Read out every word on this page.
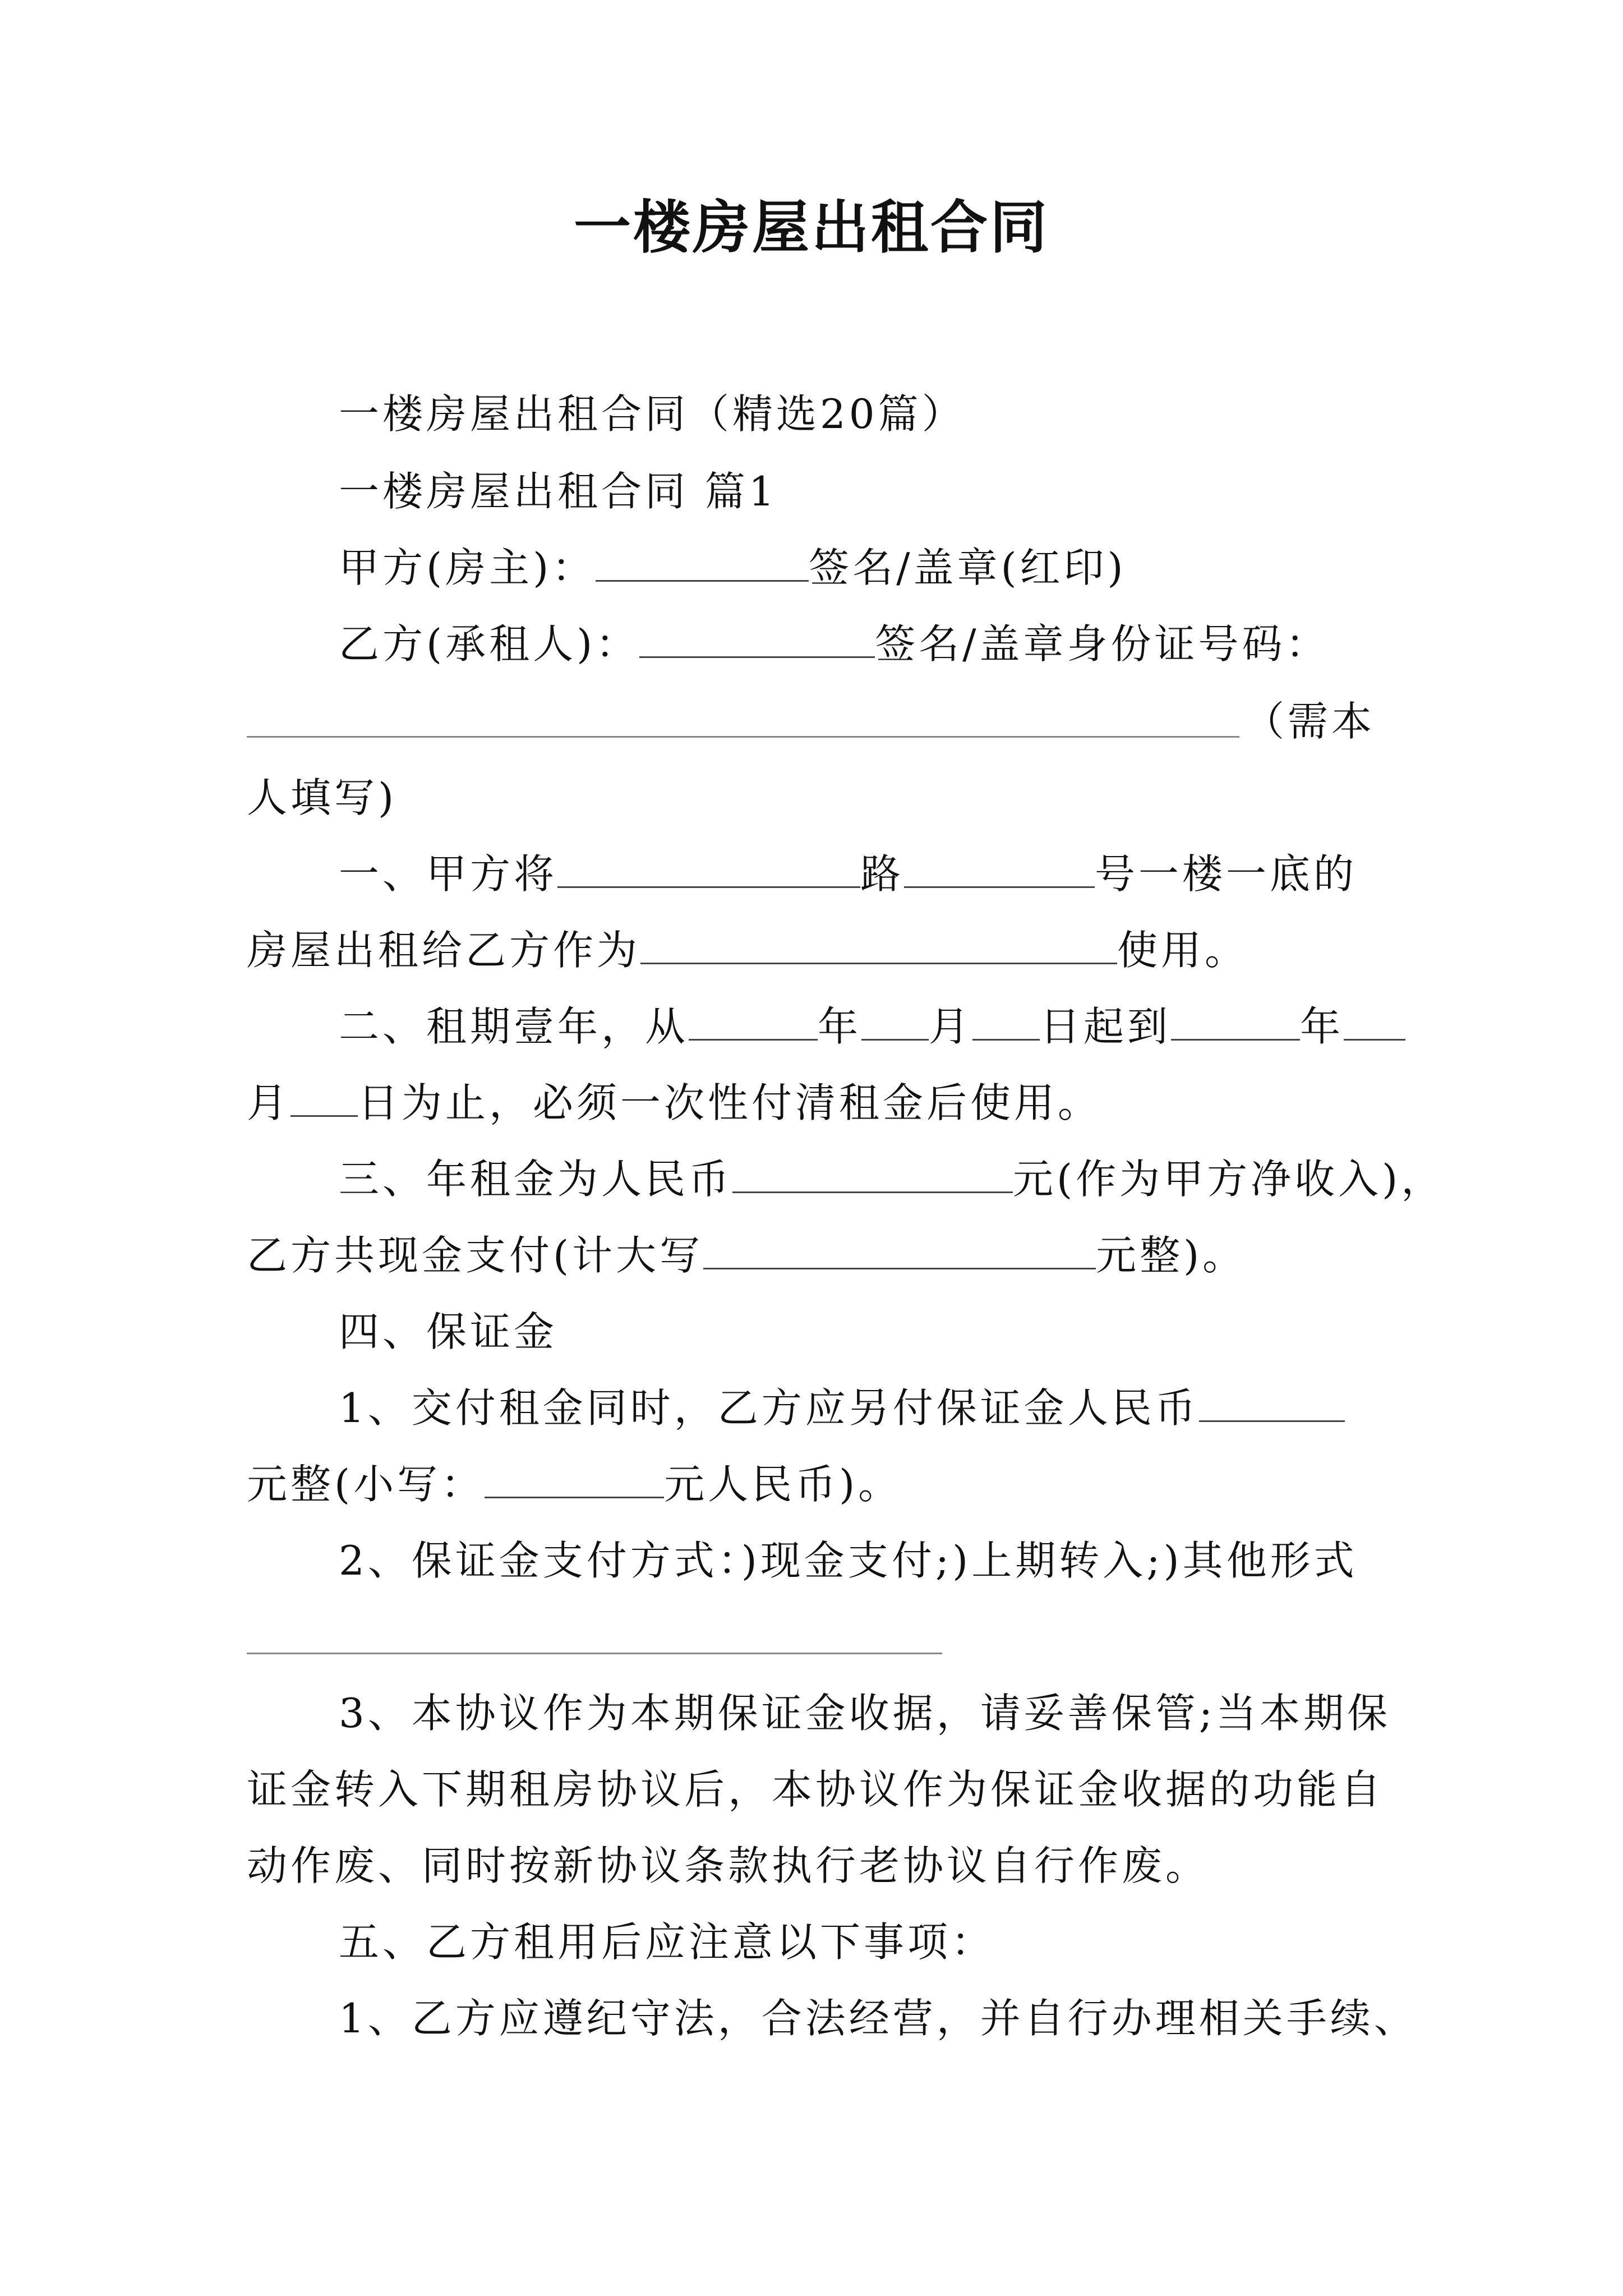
一楼房屋出租合同
一楼房屋出租合同（精选20篇）
一楼房屋出租合同 篇1
甲方(房主)：	签名/盖章(红印)
乙方(承租人)：	签名/盖章身份证号码：
（需本
人填写)
一、甲方将	路	号一楼一底的
房屋出租给乙方作为	使用。
二、租期壹年，从	年 月 日起到	年
月 日为止，必须一次性付清租金后使用。
三、年租金为人民币	元(作为甲方净收入)，
乙方共现金支付(计大写	元整)。
四、保证金
1、交付租金同时，乙方应另付保证金人民币
元整(小写：	元人民币)。
2、保证金支付方式：)现金支付;)上期转入;)其他形式
3、本协议作为本期保证金收据，请妥善保管;当本期保
证金转入下期租房协议后，本协议作为保证金收据的功能自
动作废、同时按新协议条款执行老协议自行作废。
五、乙方租用后应注意以下事项：
1、乙方应遵纪守法，合法经营，并自行办理相关手续、
